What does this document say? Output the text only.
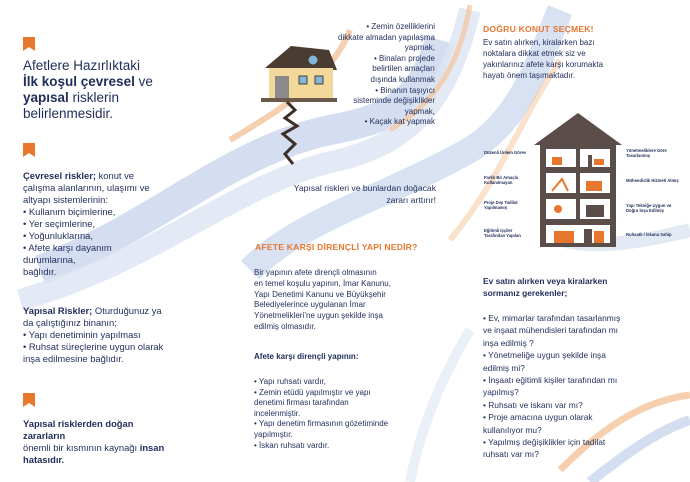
Afetlere Hazırlıktaki
İlk koşul çevresel ve
yapısal risklerin
belirlenmesidir.
Çevresel riskler; konut ve
çalışma alanlarının, ulaşımı ve
altyapı sistemlerinin:
• Kullanım biçimlerine,
• Yer seçimlerine,
• Yoğunluklarına,
• Afete karşı dayanım
durumlarına,
bağlıdır.
Yapısal Riskler; Oturduğunuz ya
da çalıştığınız binanın;
• Yapı denetiminin yapılması
• Ruhsat süreçlerine uygun olarak
inşa edilmesine bağlıdır.
Yapısal risklerden doğan
zararların
önemli bir kısmının kaynağı insan
hatasıdır.
• Zemin özelliklerini
dikkate almadan yapılaşma
yapmak,
• Binaları projede
belirtilen amaçları
dışında kullanmak
• Binanın taşıyıcı
sisteminde değişiklikler
yapmak,
• Kaçak kat yapmak
Yapısal riskleri ve bunlardan doğacak
zararı arttırır!
AFETE KARŞI DİRENÇLİ YAPI NEDİR?
Bir yapının afete dirençli olmasının
en temel koşulu yapının, İmar Kanunu,
Yapı Denetimi Kanunu ve Büyükşehir
Belediyelerince uygulanan İmar
Yönetmelikleri’ne uygun şekilde inşa
edilmiş olmasıdır.
Afete karşı dirençli yapının:
• Yapı ruhsatı vardır,
• Zemin etüdü yapılmıştır ve yapı
denetimi firması tarafından
incelenmiştir.
• Yapı denetim firmasının gözetiminde
yapılmıştır.
• İskan ruhsatı vardır.
DOĞRU KONUT SEÇMEK!
Ev satın alırken, kiralarken bazı
noktalara dikkat etmek siz ve
yakınlarınız afete karşı korumakta
hayatı önem taşımaktadır.
Düzenli Ünlem Görev
Farklı Bir Amaçla Kullanılmayan
Proje Dışı Tadilat Yapılmamış
Eğitimli İşçiler Tarafından Yapılan
Yönetmeliklere Göre Tasarlanmış
Mühendislik Hizmeti Almış
Yapı Tekniğe Uygun ve Doğru İnşa Edilmiş
Ruhsatlı / İskana Sahip
Ev satın alırken veya kiralarken
sormanız gerekenler;
• Ev, mimarlar tarafından tasarlanmış
ve inşaat mühendisleri tarafından mı
inşa edilmiş ?
• Yönetmeliğe uygun şekilde inşa
edilmiş mi?
• İnşaatı eğitimli kişiler tarafından mı
yapılmış?
• Ruhsatı ve iskanı var mı?
• Proje amacına uygun olarak
kullanılıyor mu?
• Yapılmış değişiklikler için tadilat
ruhsatı var mı?
